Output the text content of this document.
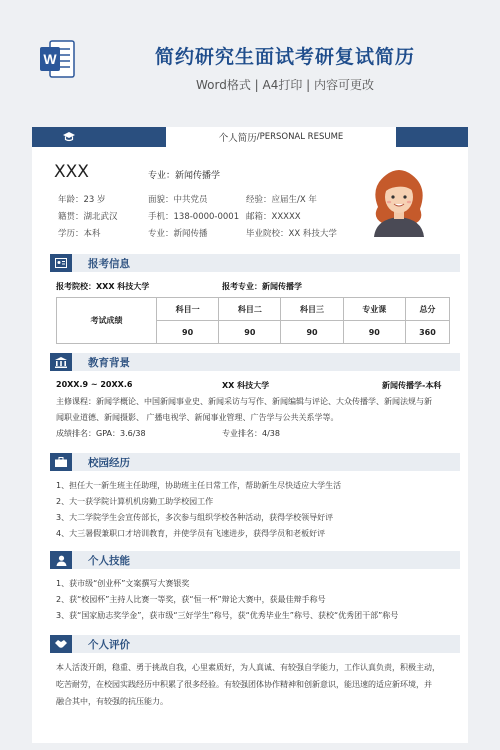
W	简约研究生面试考研复试简历
Word格式 | A4打印 | 内容可更改
个人简历 /PERSONAL RESUME
XXX	专业：新闻传播学
年龄：23 岁	面貌：中共党员	经验：应届生/X 年
籍贯：湖北武汉	手机：138-0000-0001 邮箱：XXXXX
学历：本科	专业：新闻传播	毕业院校：XX 科技大学
报考信息
报考院校：XXX 科技大学	报考专业：新闻传播学
考试成绩	科目一	科目二	科目三	专业课	总分
	90	90	90	90	360
教育背景
20XX.9 ~ 20XX.6	XX 科技大学	新闻传播学-本科
主修课程：新闻学概论、中国新闻事业史、新闻采访与写作、新闻编辑与评论、大众传播学、新闻法规与新
闻职业道德、新闻摄影、 广播电视学、新闻事业管理、广告学与公共关系学等。
成绩排名：GPA：3.6/38	专业排名：4/38
校园经历
1、担任大一新生班主任助理，协助班主任日常工作，帮助新生尽快适应大学生活
2、大一获学院计算机机房勤工助学校园工作
3、大二学院学生会宣传部长，多次参与组织学校各种活动，获得学校领导好评
4、大三暑假兼职口才培训教育，并使学员有飞速进步，获得学员和老板好评
个人技能
1、获市级“创业杯”文案撰写大赛银奖
2、获“校园杯”主持人比赛一等奖，获“恒一杯”辩论大赛中，获最佳辩手称号
3、获“国家励志奖学金”，获市级“三好学生”称号，获“优秀毕业生”称号、获校“优秀团干部”称号
个人评价
本人活泼开朗，稳重、勇于挑战自我，心里素质好，为人真诚、有较强自学能力，工作认真负责，积极主动，
吃苦耐劳，在校园实践经历中积累了很多经验。有较强团体协作精神和创新意识，能迅速的适应新环境，并
融合其中，有较强的抗压能力。
